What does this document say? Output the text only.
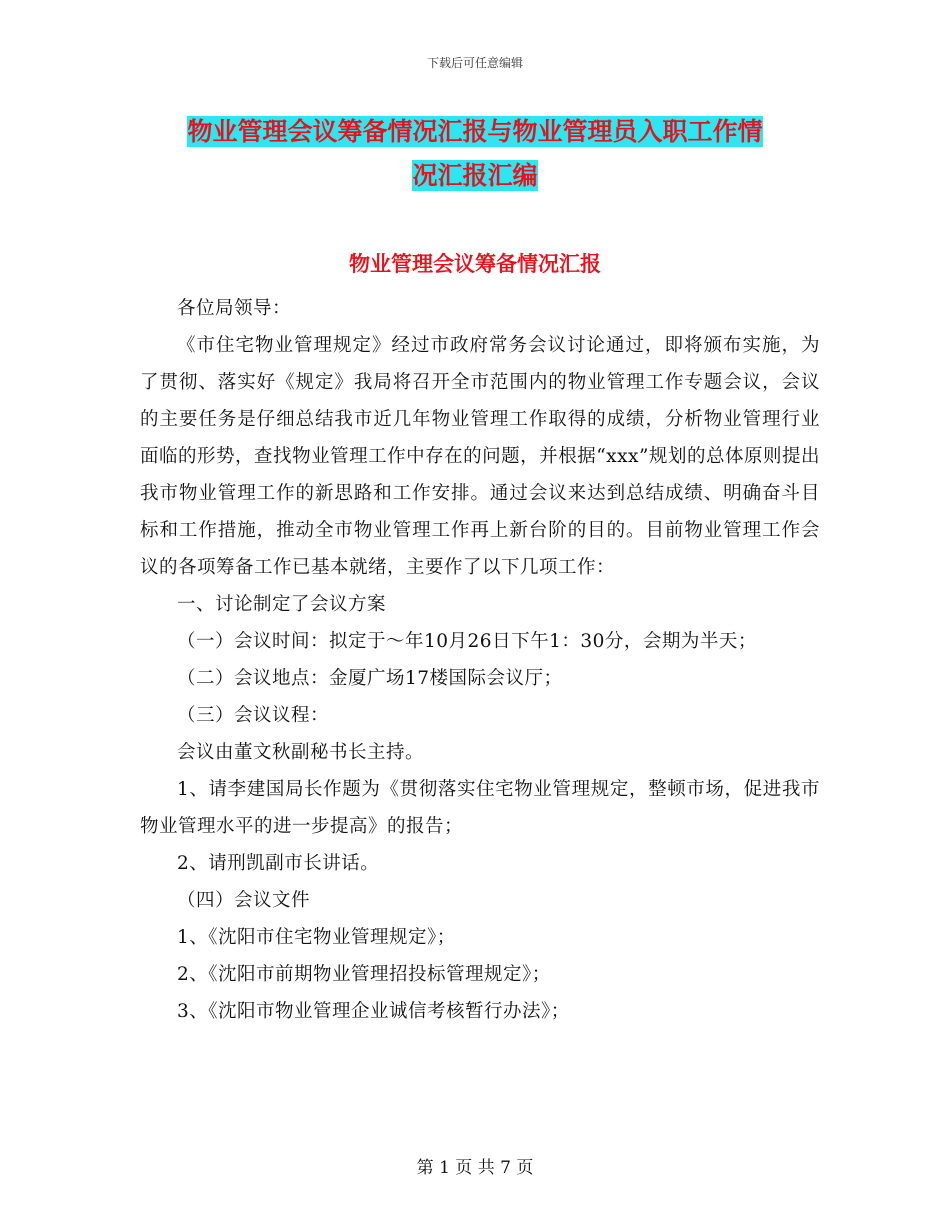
下载后可任意编辑
物业管理会议筹备情况汇报与物业管理员入职工作情
况汇报汇编
物业管理会议筹备情况汇报

各位局领导：

《市住宅物业管理规定》经过市政府常务会议讨论通过，即将颁布实施，为了贯彻、落实好《规定》我局将召开全市范围内的物业管理工作专题会议，会议的主要任务是仔细总结我市近几年物业管理工作取得的成绩，分析物业管理行业面临的形势，查找物业管理工作中存在的问题，并根据“xxx”规划的总体原则提出我市物业管理工作的新思路和工作安排。通过会议来达到总结成绩、明确奋斗目标和工作措施，推动全市物业管理工作再上新台阶的目的。目前物业管理工作会议的各项筹备工作已基本就绪，主要作了以下几项工作：

一、讨论制定了会议方案

（一）会议时间：拟定于～年10月26日下午1：30分，会期为半天；

（二）会议地点：金厦广场17楼国际会议厅；

（三）会议议程：

会议由董文秋副秘书长主持。

1、请李建国局长作题为《贯彻落实住宅物业管理规定，整顿市场，促进我市物业管理水平的进一步提高》的报告；

2、请刑凯副市长讲话。

（四）会议文件

1、《沈阳市住宅物业管理规定》；

2、《沈阳市前期物业管理招投标管理规定》；

3、《沈阳市物业管理企业诚信考核暂行办法》；

第 1 页 共 7 页
